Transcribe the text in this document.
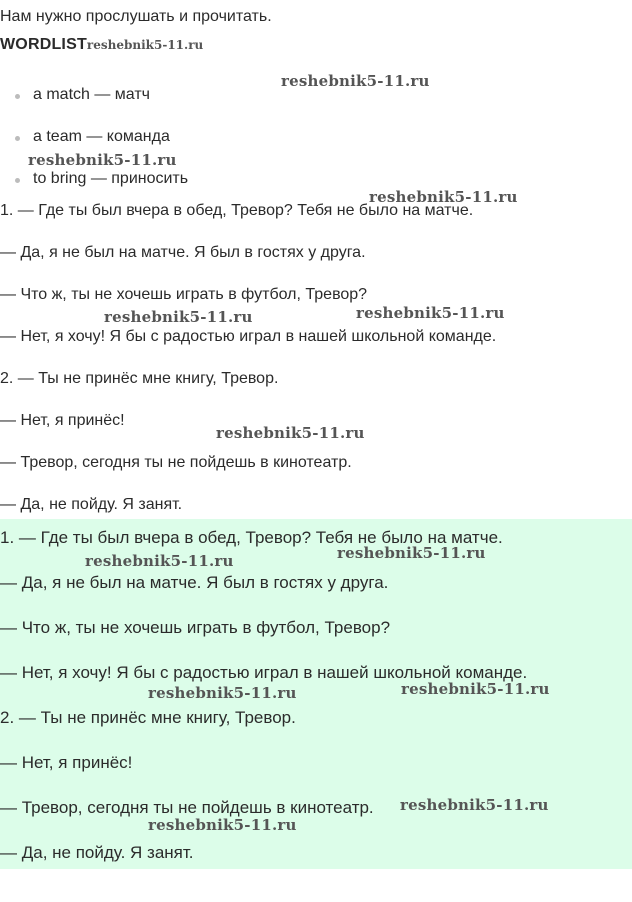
Нам нужно прослушать и прочитать.
WORDLISTreshebnik5-11.ru
a match — матч
a team — команда
to bring — приносить
1. — Где ты был вчера в обед, Тревор? Тебя не было на матче.
— Да, я не был на матче. Я был в гостях у друга.
— Что ж, ты не хочешь играть в футбол, Тревор?
— Нет, я хочу! Я бы с радостью играл в нашей школьной команде.
2. — Ты не принёс мне книгу, Тревор.
— Нет, я принёс!
— Тревор, сегодня ты не пойдешь в кинотеатр.
— Да, не пойду. Я занят.
1. — Где ты был вчера в обед, Тревор? Тебя не было на матче.
— Да, я не был на матче. Я был в гостях у друга.
— Что ж, ты не хочешь играть в футбол, Тревор?
— Нет, я хочу! Я бы с радостью играл в нашей школьной команде.
2. — Ты не принёс мне книгу, Тревор.
— Нет, я принёс!
— Тревор, сегодня ты не пойдешь в кинотеатр.
— Да, не пойду. Я занят.
reshebnik5-11.ru
reshebnik5-11.ru
reshebnik5-11.ru
reshebnik5-11.ru
reshebnik5-11.ru
reshebnik5-11.ru
reshebnik5-11.ru
reshebnik5-11.ru
reshebnik5-11.ru
reshebnik5-11.ru
reshebnik5-11.ru
reshebnik5-11.ru
